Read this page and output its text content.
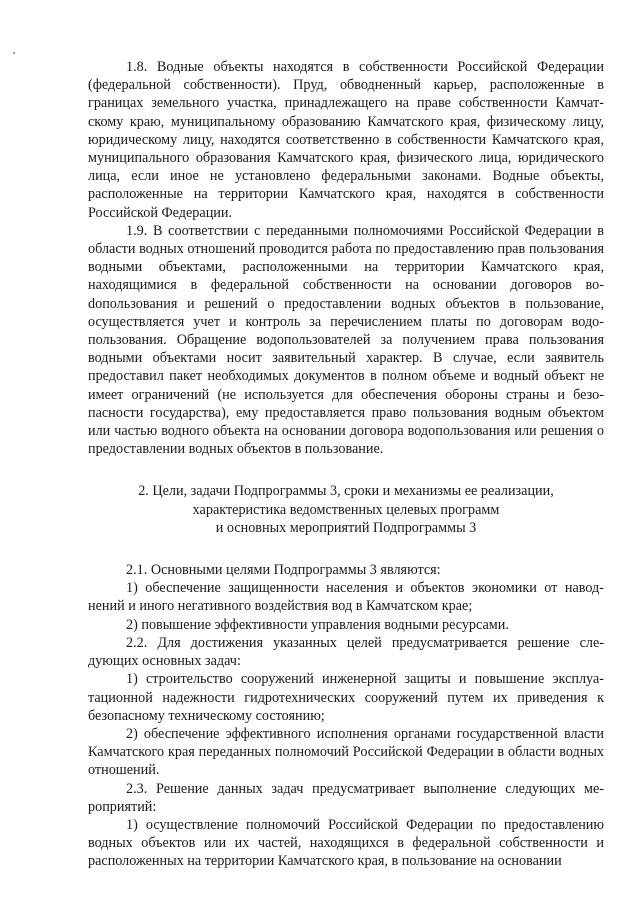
1.8. Водные объекты находятся в собственности Российской Федерации (федеральной собственности). Пруд, обводненный карьер, расположенные в границах земельного участка, принадлежащего на праве собственности Камчатскому краю, муниципальному образованию Камчатского края, физическому лицу, юридическому лицу, находятся соответственно в собственности Камчатского края, муниципального образования Камчатского края, физического лица, юридического лица, если иное не установлено федеральными законами. Водные объекты, расположенные на территории Камчатского края, находятся в собственности Российской Федерации.

1.9. В соответствии с переданными полномочиями Российской Федерации в области водных отношений проводится работа по предоставлению прав пользования водными объектами, расположенными на территории Камчатского края, находящимися в федеральной собственности на основании договоров воdопользования и решений о предоставлении водных объектов в пользование, осуществляется учет и контроль за перечислением платы по договорам водопользования. Обращение водопользователей за получением права пользования водными объектами носит заявительный характер. В случае, если заявитель предоставил пакет необходимых документов в полном объеме и водный объект не имеет ограничений (не используется для обеспечения обороны страны и безопасности государства), ему предоставляется право пользования водным объектом или частью водного объекта на основании договора водопользования или решения о предоставлении водных объектов в пользование.

2. Цели, задачи Подпрограммы 3, сроки и механизмы ее реализации,
характеристика ведомственных целевых программ
и основных мероприятий Подпрограммы 3

2.1. Основными целями Подпрограммы 3 являются:

1) обеспечение защищенности населения и объектов экономики от наводнений и иного негативного воздействия вод в Камчатском крае;

2) повышение эффективности управления водными ресурсами.

2.2. Для достижения указанных целей предусматривается решение следующих основных задач:

1) строительство сооружений инженерной защиты и повышение эксплуатационной надежности гидротехнических сооружений путем их приведения к безопасному техническому состоянию;

2) обеспечение эффективного исполнения органами государственной власти Камчатского края переданных полномочий Российской Федерации в области водных отношений.

2.3. Решение данных задач предусматривает выполнение следующих мероприятий:

1) осуществление полномочий Российской Федерации по предоставлению водных объектов или их частей, находящихся в федеральной собственности и расположенных на территории Камчатского края, в пользование на основании
